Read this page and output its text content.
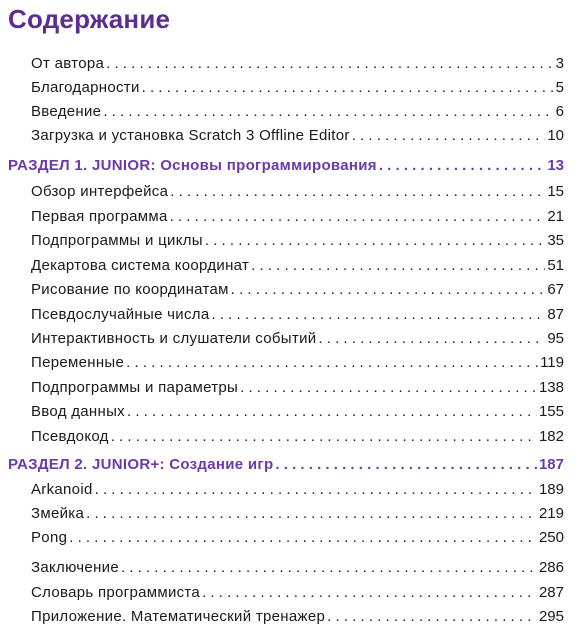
Содержание
От автора . . .	3
Благодарности . . .	5
Введение . . .	6
Загрузка и установка Scratch 3 Offline Editor . . .	10
РАЗДЕЛ 1. JUNIOR: Основы программирования . . .	13
Обзор интерфейса . . .	15
Первая программа . . .	21
Подпрограммы и циклы . . .	35
Декартова система координат . . .	51
Рисование по координатам . . .	67
Псевдослучайные числа . . .	87
Интерактивность и слушатели событий . . .	95
Переменные . . .	119
Подпрограммы и параметры . . .	138
Ввод данных . . .	155
Псевдокод . . .	182
РАЗДЕЛ 2. JUNIOR+: Создание игр . . .	187
Arkanoid . . .	189
Змейка . . .	219
Pong . . .	250
Заключение . . .	286
Словарь программиста . . .	287
Приложение. Математический тренажер . . .	295
